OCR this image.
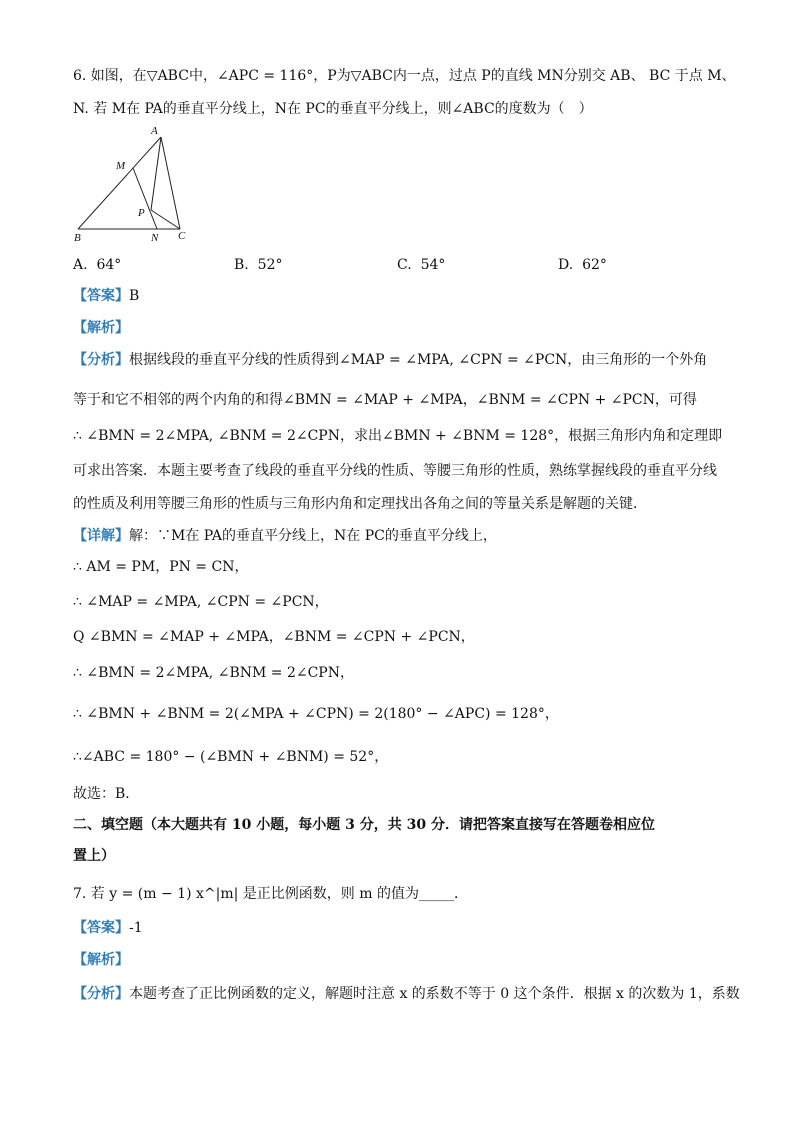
6. 如图，在▽ABC中，∠APC = 116°，P为▽ABC内一点，过点 P的直线 MN分别交 AB、 BC 于点 M、
N. 若 M在 PA的垂直平分线上，N在 PC的垂直平分线上，则∠ABC的度数为（　）
A
M
P
B	N C
A. 64°	B. 52°	C. 54°	D. 62°
【答案】B
【解析】
【分析】根据线段的垂直平分线的性质得到∠MAP = ∠MPA, ∠CPN = ∠PCN，由三角形的一个外角
等于和它不相邻的两个内角的和得∠BMN = ∠MAP + ∠MPA，∠BNM = ∠CPN + ∠PCN，可得
∴ ∠BMN = 2∠MPA, ∠BNM = 2∠CPN，求出∠BMN + ∠BNM = 128°，根据三角形内角和定理即
可求出答案．本题主要考查了线段的垂直平分线的性质、等腰三角形的性质，熟练掌握线段的垂直平分线
的性质及利用等腰三角形的性质与三角形内角和定理找出各角之间的等量关系是解题的关键．
【详解】解：∵M在 PA的垂直平分线上，N在 PC的垂直平分线上，
∴ AM = PM，PN = CN，
∴ ∠MAP = ∠MPA, ∠CPN = ∠PCN，
Q ∠BMN = ∠MAP + ∠MPA，∠BNM = ∠CPN + ∠PCN，
∴ ∠BMN = 2∠MPA, ∠BNM = 2∠CPN，
∴ ∠BMN + ∠BNM = 2(∠MPA + ∠CPN) = 2(180° − ∠APC) = 128°，
∴∠ABC = 180° − (∠BMN + ∠BNM) = 52°，
故选：B．
二、填空题（本大题共有 10 小题，每小题 3 分，共 30 分．请把答案直接写在答题卷相应位
置上）
7. 若 y = (m − 1) x^|m| 是正比例函数，则 m 的值为_____．
【答案】-1
【解析】
【分析】本题考查了正比例函数的定义，解题时注意 x 的系数不等于 0 这个条件．根据 x 的次数为 1，系数
